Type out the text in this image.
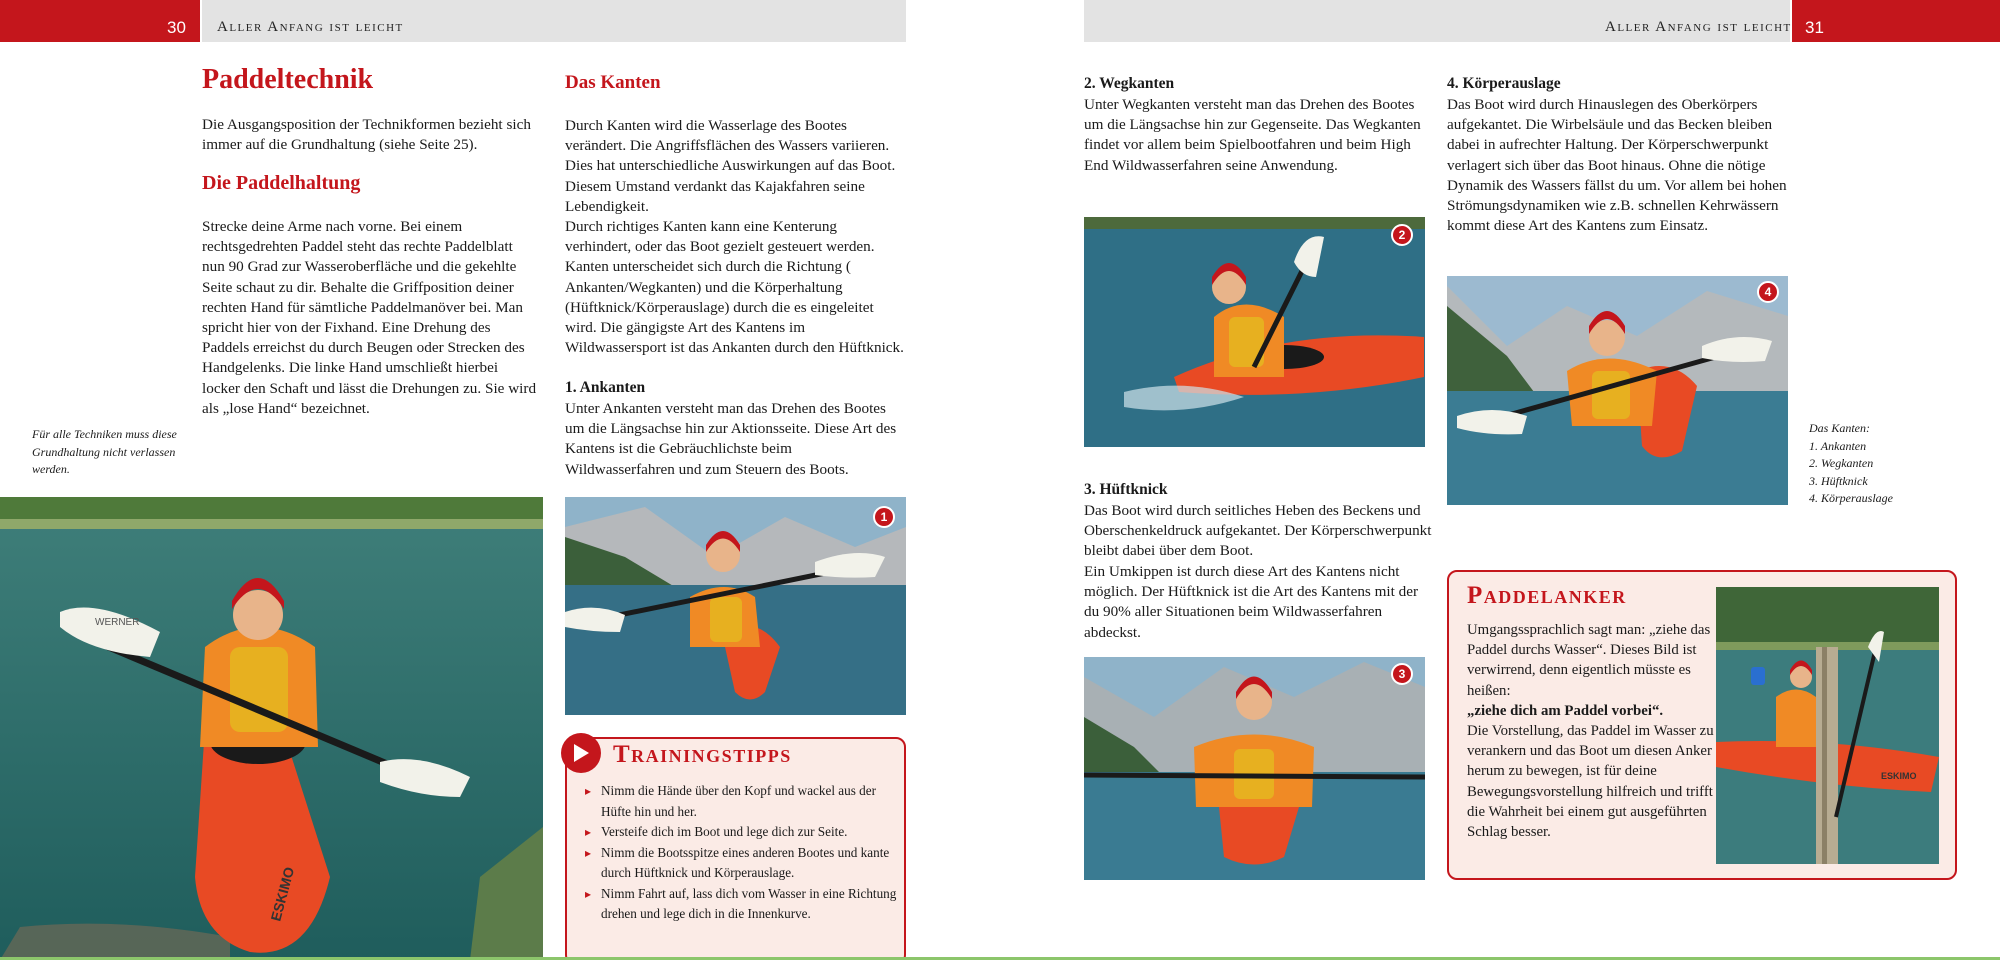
30 Aller Anfang ist leicht	Aller Anfang ist leicht 31
Paddeltechnik
Die Ausgangsposition der Technikformen bezieht sich immer auf die Grundhaltung (siehe Seite 25).
Die Paddelhaltung
Strecke deine Arme nach vorne. Bei einem rechtsgedrehten Paddel steht das rechte Paddelblatt nun 90 Grad zur Wasseroberfläche und die gekehlte Seite schaut zu dir. Behalte die Griffposition deiner rechten Hand für sämtliche Paddelmanöver bei. Man spricht hier von der Fixhand. Eine Drehung des Paddels erreichst du durch Beugen oder Strecken des Handgelenks. Die linke Hand umschließt hierbei locker den Schaft und lässt die Drehungen zu. Sie wird als „lose Hand“ bezeichnet.
Für alle Techniken muss diese Grundhaltung nicht verlassen werden.
WERNER
ESKIMO
Das Kanten
Durch Kanten wird die Wasserlage des Bootes verändert. Die Angriffsflächen des Wassers variieren. Dies hat unterschiedliche Auswirkungen auf das Boot. Diesem Umstand verdankt das Kajakfahren seine Lebendigkeit.
Durch richtiges Kanten kann eine Kenterung verhindert, oder das Boot gezielt gesteuert werden. Kanten unterscheidet sich durch die Richtung ( Ankanten/Wegkanten) und die Körperhaltung (Hüftknick/Körperauslage) durch die es eingeleitet wird. Die gängigste Art des Kantens im Wildwassersport ist das Ankanten durch den Hüftknick.
1. Ankanten
Unter Ankanten versteht man das Drehen des Bootes um die Längsachse hin zur Aktionsseite. Diese Art des Kantens ist die Gebräuchlichste beim Wildwasserfahren und zum Steuern des Boots.
1
Trainingstipps
▸ Nimm die Hände über den Kopf und wackel aus der Hüfte hin und her.
▸ Versteife dich im Boot und lege dich zur Seite.
▸ Nimm die Bootsspitze eines anderen Bootes und kante durch Hüftknick und Körperauslage.
▸ Nimm Fahrt auf, lass dich vom Wasser in eine Richtung drehen und lege dich in die Innenkurve.
2. Wegkanten
Unter Wegkanten versteht man das Drehen des Bootes um die Längsachse hin zur Gegenseite. Das Wegkanten findet vor allem beim Spielbootfahren und beim High End Wildwasserfahren seine Anwendung.
2
3. Hüftknick
Das Boot wird durch seitliches Heben des Beckens und Oberschenkeldruck aufgekantet. Der Körperschwerpunkt bleibt dabei über dem Boot.
Ein Umkippen ist durch diese Art des Kantens nicht möglich. Der Hüftknick ist die Art des Kantens mit der du 90% aller Situationen beim Wildwasserfahren abdeckst.
3
4. Körperauslage
Das Boot wird durch Hinauslegen des Oberkörpers aufgekantet. Die Wirbelsäule und das Becken bleiben dabei in aufrechter Haltung. Der Körperschwerpunkt verlagert sich über das Boot hinaus. Ohne die nötige Dynamik des Wassers fällst du um. Vor allem bei hohen Strömungsdynamiken wie z.B. schnellen Kehrwässern kommt diese Art des Kantens zum Einsatz.
4
Das Kanten:
1. Ankanten
2. Wegkanten
3. Hüftknick
4. Körperauslage
Paddelanker

Umgangssprachlich sagt man: „ziehe das Paddel durchs Wasser“. Dieses Bild ist verwirrend, denn eigentlich müsste es heißen:

„ziehe dich am Paddel vorbei“.

Die Vorstellung, das Paddel im Wasser zu verankern und das Boot um diesen Anker herum zu bewegen, ist für deine Bewegungsvorstellung hilfreich und trifft die Wahrheit bei einem gut ausgeführten Schlag besser.

ESKIMO
